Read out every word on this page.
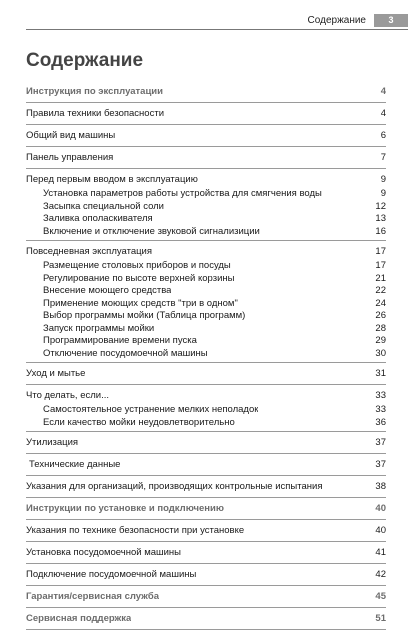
Содержание	3
Содержание
Инструкция по эксплуатации	4
Правила техники безопасности	4
Общий вид машины	6
Панель управления	7
Перед первым вводом в эксплуатацию	9
Установка параметров работы устройства для смягчения воды	9
Засыпка специальной соли	12
Заливка ополаскивателя	13
Включение и отключение звуковой сигнализиции	16
Повседневная эксплуатация	17
Размещение столовых приборов и посуды	17
Регулирование по высоте верхней корзины	21
Внесение моющего средства	22
Применение моющих средств "три в одном"	24
Выбор программы мойки (Таблица программ)	26
Запуск программы мойки	28
Программирование времени пуска	29
Отключение посудомоечной машины	30
Уход и мытье	31
Что делать, если...	33
Самостоятельное устранение мелких неполадок	33
Если качество мойки неудовлетворительно	36
Утилизация	37
Технические данные	37
Указания для организаций, производящих контрольные испытания	38
Инструкции по установке и подключению	40
Указания по технике безопасности при установке	40
Установка посудомоечной машины	41
Подключение посудомоечной машины	42
Гарантия/сервисная служба	45
Сервисная поддержка	51
